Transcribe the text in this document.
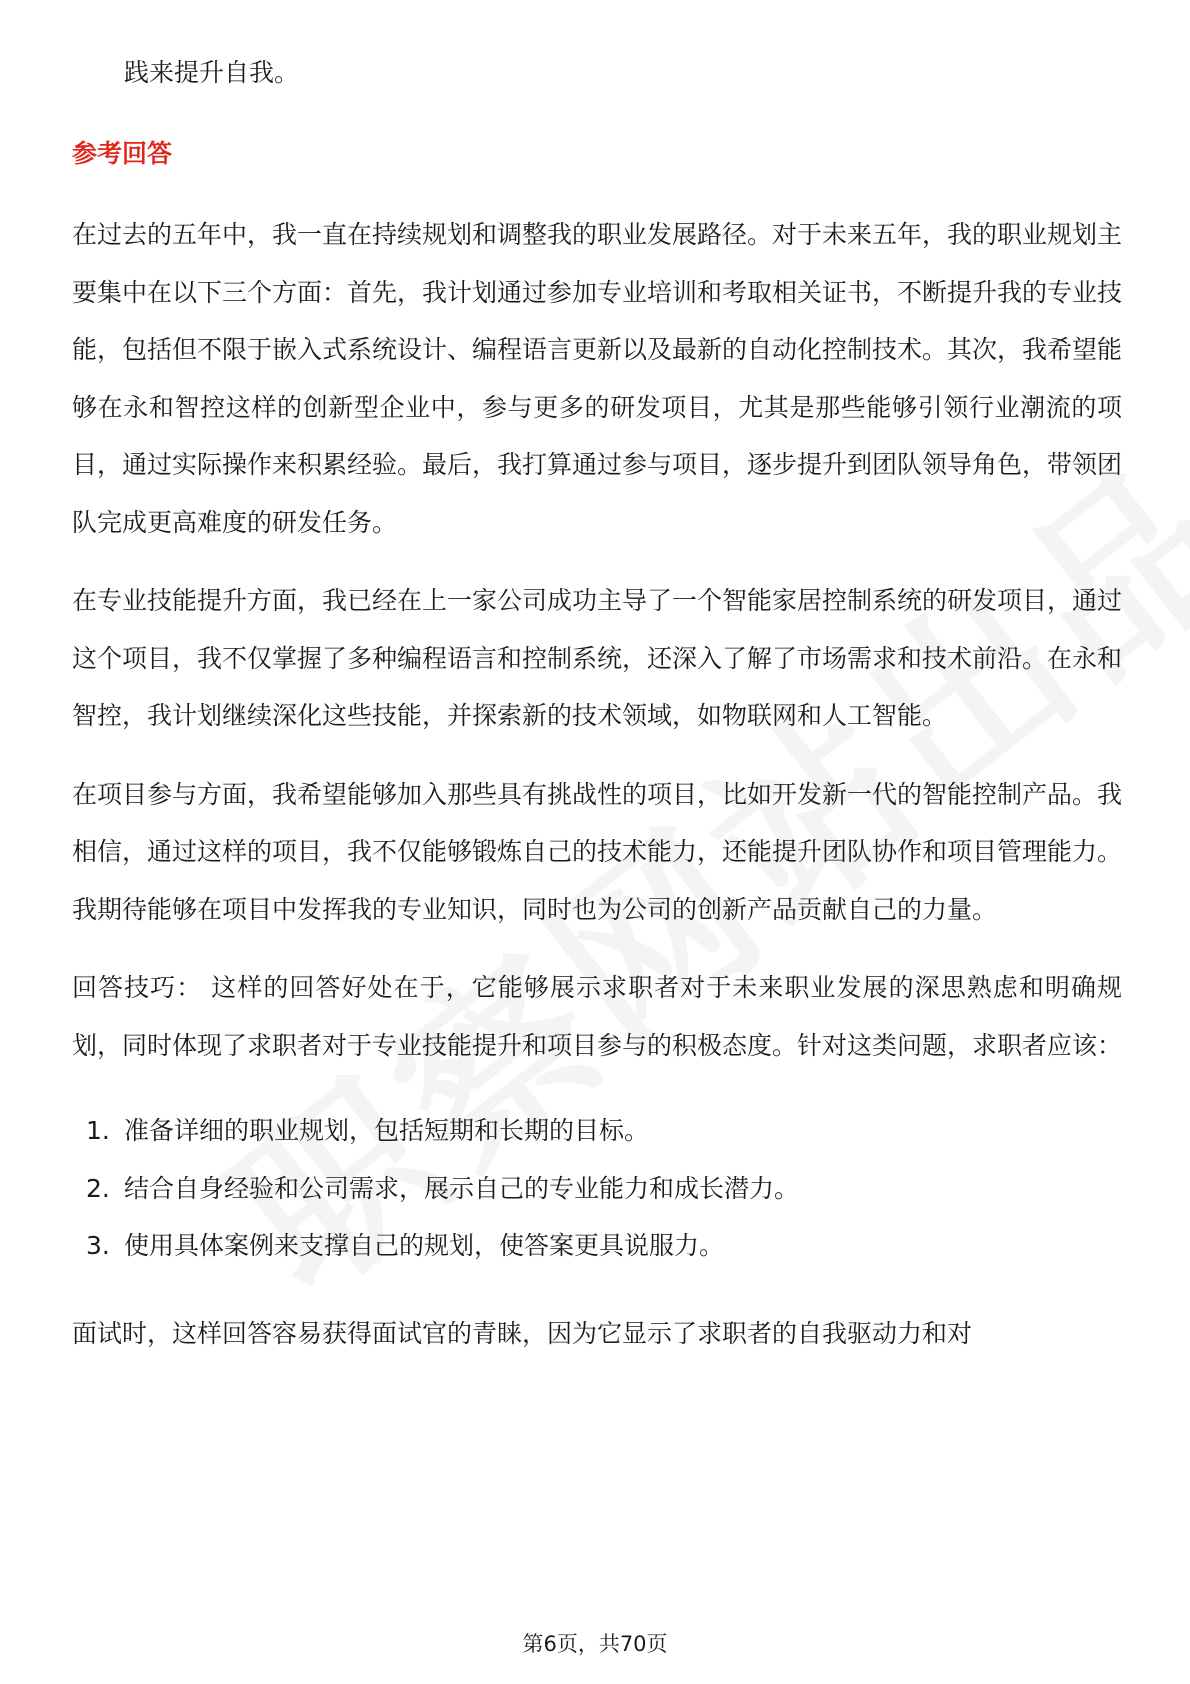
践来提升自我。
参考回答

在过去的五年中，我一直在持续规划和调整我的职业发展路径。对于未来五年，我的职业规划主要集中在以下三个方面：首先，我计划通过参加专业培训和考取相关证书，不断提升我的专业技能，包括但不限于嵌入式系统设计、编程语言更新以及最新的自动化控制技术。其次，我希望能够在永和智控这样的创新型企业中，参与更多的研发项目，尤其是那些能够引领行业潮流的项目，通过实际操作来积累经验。最后，我打算通过参与项目，逐步提升到团队领导角色，带领团队完成更高难度的研发任务。

在专业技能提升方面，我已经在上一家公司成功主导了一个智能家居控制系统的研发项目，通过这个项目，我不仅掌握了多种编程语言和控制系统，还深入了解了市场需求和技术前沿。在永和智控，我计划继续深化这些技能，并探索新的技术领域，如物联网和人工智能。

在项目参与方面，我希望能够加入那些具有挑战性的项目，比如开发新一代的智能控制产品。我相信，通过这样的项目，我不仅能够锻炼自己的技术能力，还能提升团队协作和项目管理能力。我期待能够在项目中发挥我的专业知识，同时也为公司的创新产品贡献自己的力量。

回答技巧： 这样的回答好处在于，它能够展示求职者对于未来职业发展的深思熟虑和明确规划，同时体现了求职者对于专业技能提升和项目参与的积极态度。针对这类问题，求职者应该：

1. 准备详细的职业规划，包括短期和长期的目标。
2. 结合自身经验和公司需求，展示自己的专业能力和成长潜力。
3. 使用具体案例来支撑自己的规划，使答案更具说服力。

面试时，这样回答容易获得面试官的青睐，因为它显示了求职者的自我驱动力和对

第6页，共70页
